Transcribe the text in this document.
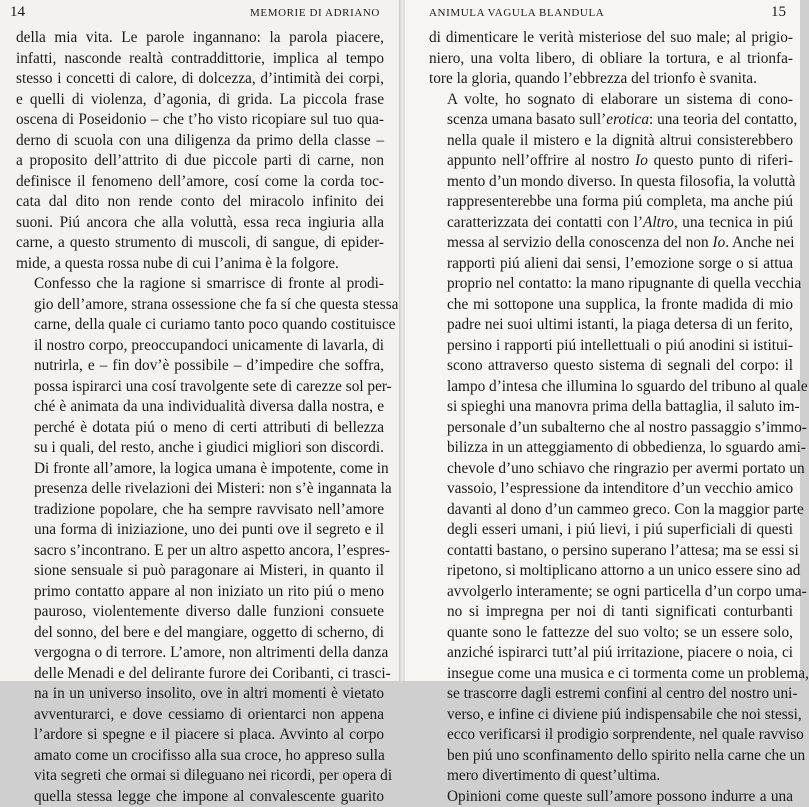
14	MEMORIE DI ADRIANO

della mia vita. Le parole ingannano: la parola piacere,
infatti, nasconde realtà contraddittorie, implica al tempo
stesso i concetti di calore, di dolcezza, d’intimità dei corpi,
e quelli di violenza, d’agonia, di grida. La piccola frase
oscena di Poseidonio – che t’ho visto ricopiare sul tuo qua-
derno di scuola con una diligenza da primo della classe –
a proposito dell’attrito di due piccole parti di carne, non
definisce il fenomeno dell’amore, cosí come la corda toc-
cata dal dito non rende conto del miracolo infinito dei
suoni. Piú ancora che alla voluttà, essa reca ingiuria alla
carne, a questo strumento di muscoli, di sangue, di epider-
mide, a questa rossa nube di cui l’anima è la folgore.

Confesso che la ragione si smarrisce di fronte al prodi-
gio dell’amore, strana ossessione che fa sí che questa stessa
carne, della quale ci curiamo tanto poco quando costituisce
il nostro corpo, preoccupandoci unicamente di lavarla, di
nutrirla, e – fin dov’è possibile – d’impedire che soffra,
possa ispirarci una cosí travolgente sete di carezze sol per-
ché è animata da una individualità diversa dalla nostra, e
perché è dotata piú o meno di certi attributi di bellezza
su i quali, del resto, anche i giudici migliori son discordi.
Di fronte all’amore, la logica umana è impotente, come in
presenza delle rivelazioni dei Misteri: non s’è ingannata la
tradizione popolare, che ha sempre ravvisato nell’amore
una forma di iniziazione, uno dei punti ove il segreto e il
sacro s’incontrano. E per un altro aspetto ancora, l’espres-
sione sensuale si può paragonare ai Misteri, in quanto il
primo contatto appare al non iniziato un rito piú o meno
pauroso, violentemente diverso dalle funzioni consuete
del sonno, del bere e del mangiare, oggetto di scherno, di
vergogna o di terrore. L’amore, non altrimenti della danza
delle Menadi e del delirante furore dei Coribanti, ci trasci-
na in un universo insolito, ove in altri momenti è vietato
avventurarci, e dove cessiamo di orientarci non appena
l’ardore si spegne e il piacere si placa. Avvinto al corpo
amato come un crocifisso alla sua croce, ho appreso sulla
vita segreti che ormai si dileguano nei ricordi, per opera di
quella stessa legge che impone al convalescente guarito

ANIMULA VAGULA BLANDULA	15

di dimenticare le verità misteriose del suo male; al prigio-
niero, una volta libero, di obliare la tortura, e al trionfa-
tore la gloria, quando l’ebbrezza del trionfo è svanita.

A volte, ho sognato di elaborare un sistema di cono-
scenza umana basato sull’erotica: una teoria del contatto,
nella quale il mistero e la dignità altrui consisterebbero
appunto nell’offrire al nostro Io questo punto di riferi-
mento d’un mondo diverso. In questa filosofia, la voluttà
rappresenterebbe una forma piú completa, ma anche piú
caratterizzata dei contatti con l’Altro, una tecnica in piú
messa al servizio della conoscenza del non Io. Anche nei
rapporti piú alieni dai sensi, l’emozione sorge o si attua
proprio nel contatto: la mano ripugnante di quella vecchia
che mi sottopone una supplica, la fronte madida di mio
padre nei suoi ultimi istanti, la piaga detersa di un ferito,
persino i rapporti piú intellettuali o piú anodini si istitui-
scono attraverso questo sistema di segnali del corpo: il
lampo d’intesa che illumina lo sguardo del tribuno al quale
si spieghi una manovra prima della battaglia, il saluto im-
personale d’un subalterno che al nostro passaggio s’immo-
bilizza in un atteggiamento di obbedienza, lo sguardo ami-
chevole d’uno schiavo che ringrazio per avermi portato un
vassoio, l’espressione da intenditore d’un vecchio amico
davanti al dono d’un cammeo greco. Con la maggior parte
degli esseri umani, i piú lievi, i piú superficiali di questi
contatti bastano, o persino superano l’attesa; ma se essi si
ripetono, si moltiplicano attorno a un unico essere sino ad
avvolgerlo interamente; se ogni particella d’un corpo uma-
no si impregna per noi di tanti significati conturbanti
quante sono le fattezze del suo volto; se un essere solo,
anziché ispirarci tutt’al piú irritazione, piacere o noia, ci
insegue come una musica e ci tormenta come un problema,
se trascorre dagli estremi confini al centro del nostro uni-
verso, e infine ci diviene piú indispensabile che noi stessi,
ecco verificarsi il prodigio sorprendente, nel quale ravviso
ben piú uno sconfinamento dello spirito nella carne che un
mero divertimento di quest’ultima.

Opinioni come queste sull’amore possono indurre a una
